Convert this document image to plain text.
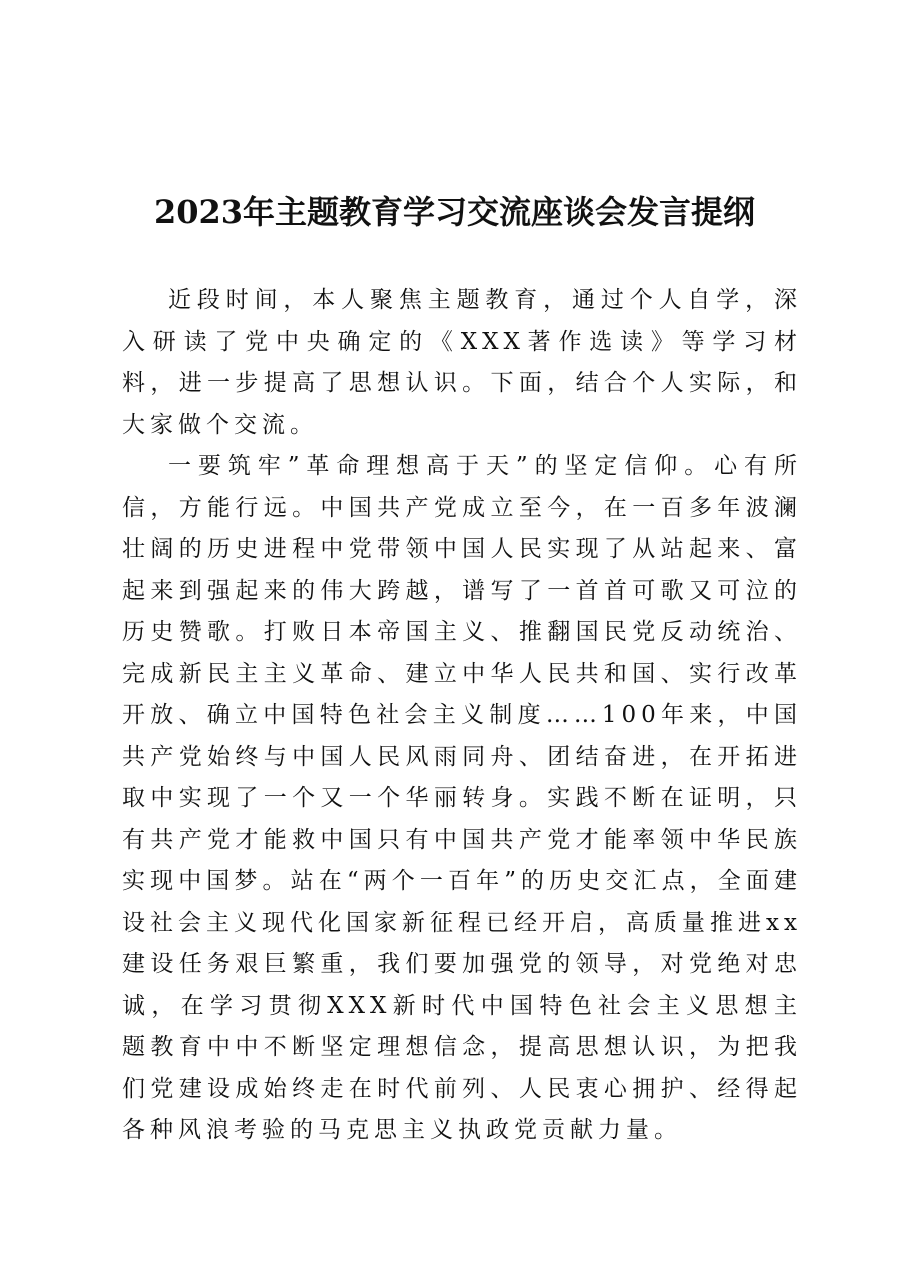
2023年主题教育学习交流座谈会发言提纲

近段时间，本人聚焦主题教育，通过个人自学，深入研读了党中央确定的《XXX著作选读》等学习材料，进一步提高了思想认识。下面，结合个人实际，和大家做个交流。

一要筑牢”革命理想高于天”的坚定信仰。心有所信，方能行远。中国共产党成立至今，在一百多年波澜壮阔的历史进程中党带领中国人民实现了从站起来、富起来到强起来的伟大跨越，谱写了一首首可歌又可泣的历史赞歌。打败日本帝国主义、推翻国民党反动统治、完成新民主主义革命、建立中华人民共和国、实行改革开放、确立中国特色社会主义制度……100年来，中国共产党始终与中国人民风雨同舟、团结奋进，在开拓进取中实现了一个又一个华丽转身。实践不断在证明，只有共产党才能救中国只有中国共产党才能率领中华民族实现中国梦。站在“两个一百年”的历史交汇点，全面建设社会主义现代化国家新征程已经开启，高质量推进xx建设任务艰巨繁重，我们要加强党的领导，对党绝对忠诚，在学习贯彻XXX新时代中国特色社会主义思想主题教育中中不断坚定理想信念，提高思想认识，为把我们党建设成始终走在时代前列、人民衷心拥护、经得起各种风浪考验的马克思主义执政党贡献力量。
